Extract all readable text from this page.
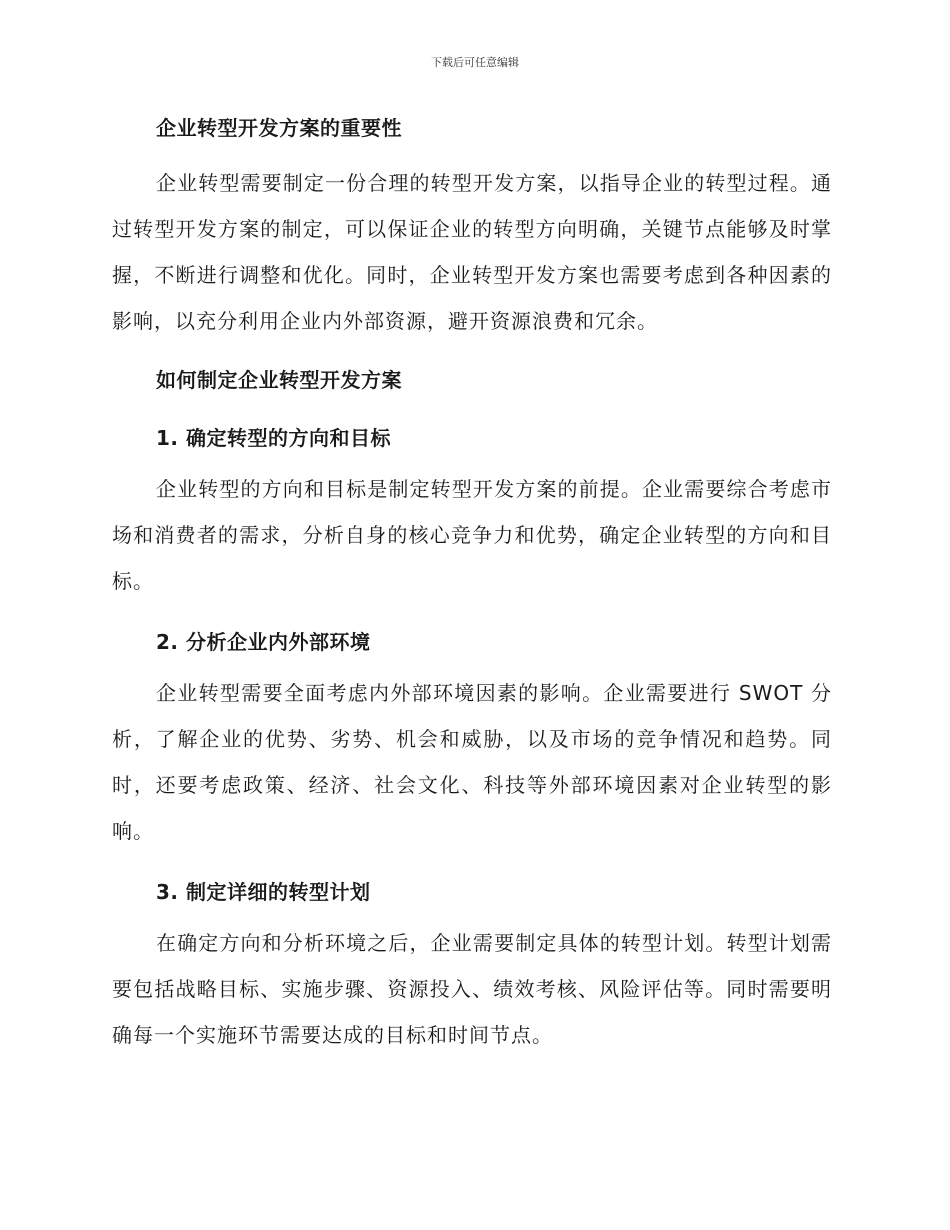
下载后可任意编辑

企业转型开发方案的重要性

企业转型需要制定一份合理的转型开发方案，以指导企业的转型过程。通过转型开发方案的制定，可以保证企业的转型方向明确，关键节点能够及时掌握，不断进行调整和优化。同时，企业转型开发方案也需要考虑到各种因素的影响，以充分利用企业内外部资源，避开资源浪费和冗余。

如何制定企业转型开发方案

1. 确定转型的方向和目标

企业转型的方向和目标是制定转型开发方案的前提。企业需要综合考虑市场和消费者的需求，分析自身的核心竞争力和优势，确定企业转型的方向和目标。

2. 分析企业内外部环境

企业转型需要全面考虑内外部环境因素的影响。企业需要进行 SWOT 分析，了解企业的优势、劣势、机会和威胁，以及市场的竞争情况和趋势。同时，还要考虑政策、经济、社会文化、科技等外部环境因素对企业转型的影响。

3. 制定详细的转型计划

在确定方向和分析环境之后，企业需要制定具体的转型计划。转型计划需要包括战略目标、实施步骤、资源投入、绩效考核、风险评估等。同时需要明确每一个实施环节需要达成的目标和时间节点。
